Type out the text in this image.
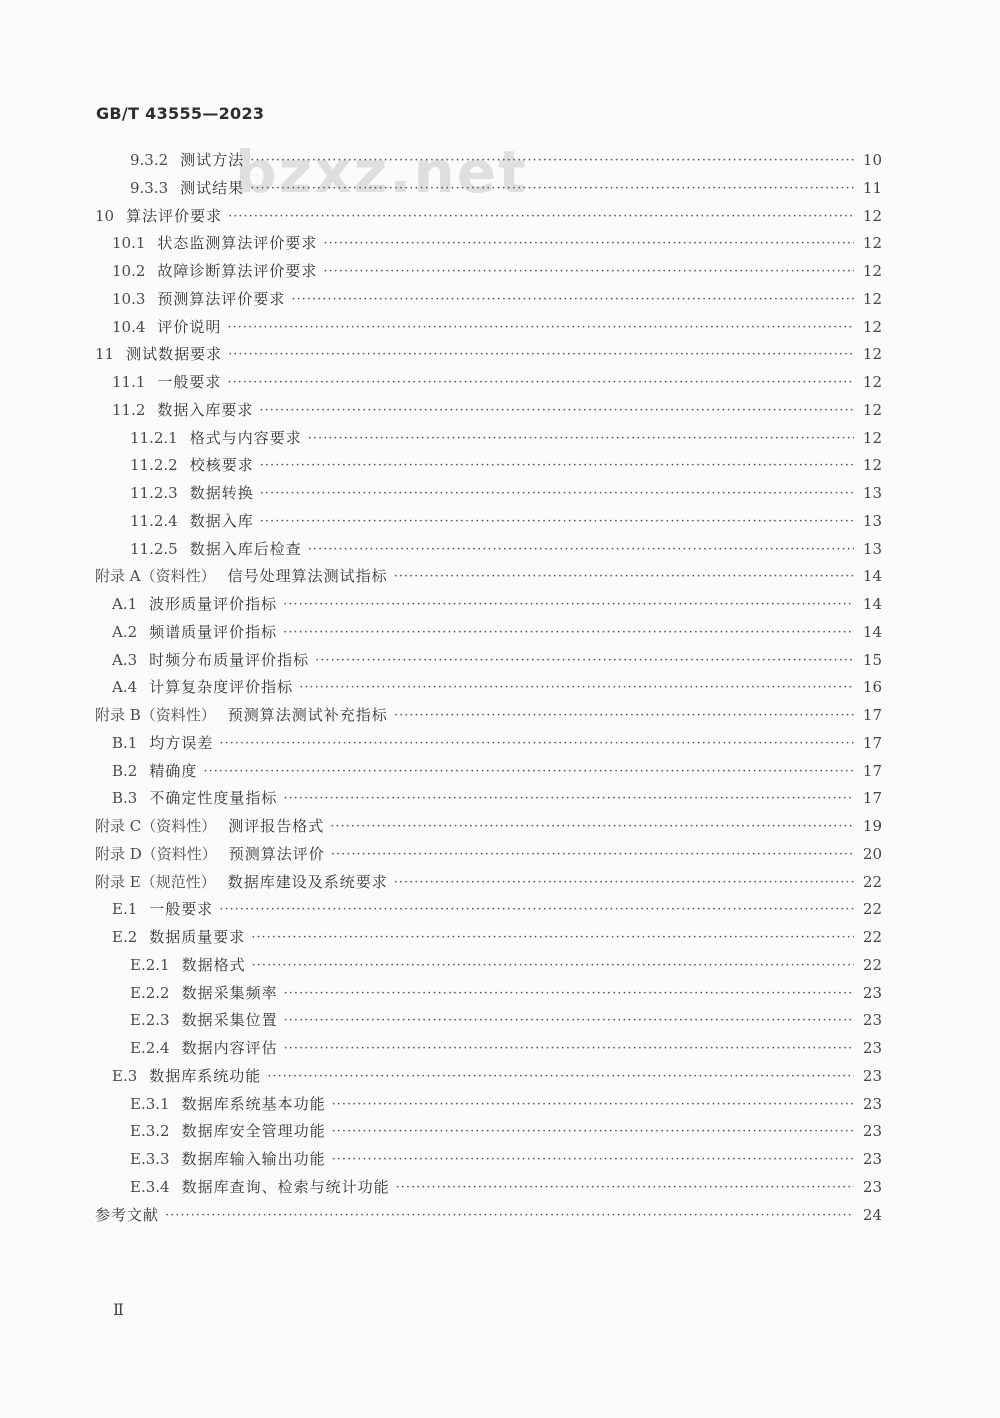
GB/T 43555—2023
bzxz.net
9.3.2 测试方法 ·····	10
9.3.3 测试结果 ·····	11
10 算法评价要求 ·····	12
10.1 状态监测算法评价要求 ·····	12
10.2 故障诊断算法评价要求 ·····	12
10.3 预测算法评价要求 ·····	12
10.4 评价说明 ·····	12
11 测试数据要求 ·····	12
11.1 一般要求 ·····	12
11.2 数据入库要求 ·····	12
11.2.1 格式与内容要求 ·····	12
11.2.2 校核要求 ·····	12
11.2.3 数据转换 ·····	13
11.2.4 数据入库 ·····	13
11.2.5 数据入库后检查 ·····	13
附录 A（资料性） 信号处理算法测试指标 ·····	14
A.1 波形质量评价指标 ·····	14
A.2 频谱质量评价指标 ·····	14
A.3 时频分布质量评价指标 ·····	15
A.4 计算复杂度评价指标 ·····	16
附录 B（资料性） 预测算法测试补充指标 ·····	17
B.1 均方误差 ·····	17
B.2 精确度 ·····	17
B.3 不确定性度量指标 ·····	17
附录 C（资料性） 测评报告格式 ·····	19
附录 D（资料性） 预测算法评价 ·····	20
附录 E（规范性） 数据库建设及系统要求 ·····	22
E.1 一般要求 ·····	22
E.2 数据质量要求 ·····	22
E.2.1 数据格式 ·····	22
E.2.2 数据采集频率 ·····	23
E.2.3 数据采集位置 ·····	23
E.2.4 数据内容评估 ·····	23
E.3 数据库系统功能 ·····	23
E.3.1 数据库系统基本功能 ·····	23
E.3.2 数据库安全管理功能 ·····	23
E.3.3 数据库输入输出功能 ·····	23
E.3.4 数据库查询、检索与统计功能 ·····	23
参考文献 ·····	24
Ⅱ
